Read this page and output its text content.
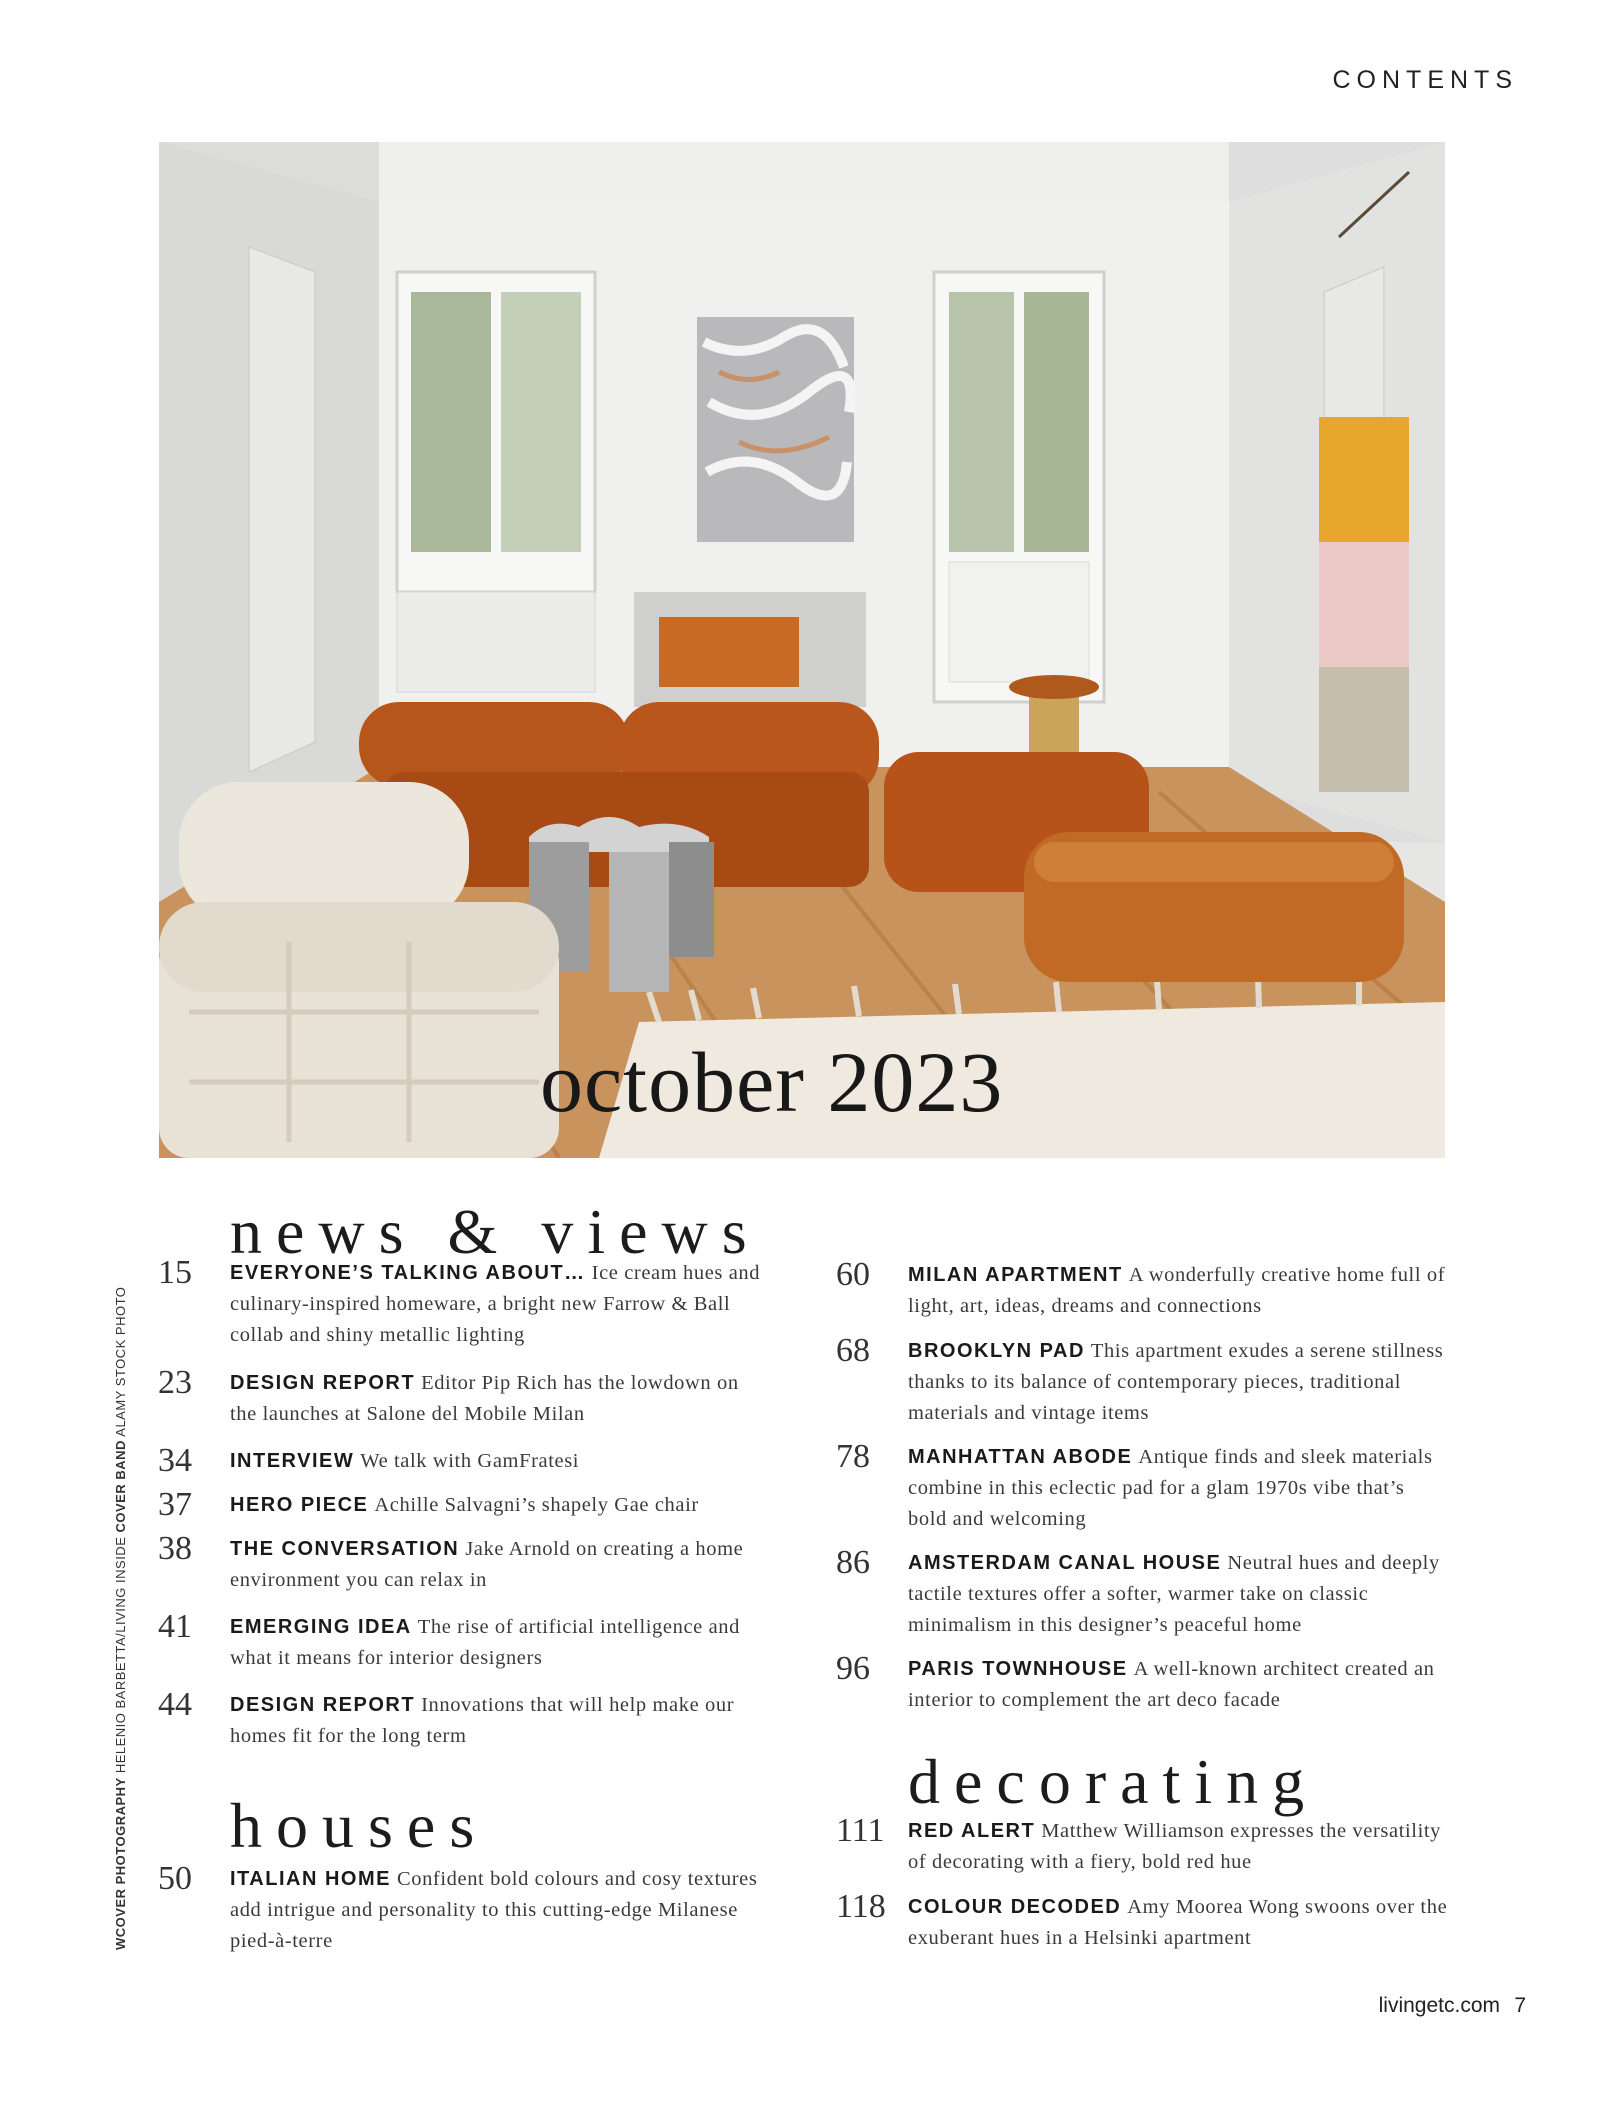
CONTENTS
october 2023
WCOVER PHOTOGRAPHY HELENIO BARBETTA/LIVING INSIDE COVER BAND ALAMY STOCK PHOTO
news & views
15	EVERYONE’S TALKING ABOUT… Ice cream hues and culinary-inspired homeware, a bright new Farrow & Ball collab and shiny metallic lighting
23	DESIGN REPORT Editor Pip Rich has the lowdown on the launches at Salone del Mobile Milan
34	INTERVIEW We talk with GamFratesi
37	HERO PIECE Achille Salvagni’s shapely Gae chair
38	THE CONVERSATION Jake Arnold on creating a home environment you can relax in
41	EMERGING IDEA The rise of artificial intelligence and what it means for interior designers
44	DESIGN REPORT Innovations that will help make our homes fit for the long term
houses
50	ITALIAN HOME Confident bold colours and cosy textures add intrigue and personality to this cutting-edge Milanese pied-à-terre
60	MILAN APARTMENT A wonderfully creative home full of light, art, ideas, dreams and connections
68	BROOKLYN PAD This apartment exudes a serene stillness thanks to its balance of contemporary pieces, traditional materials and vintage items
78	MANHATTAN ABODE Antique finds and sleek materials combine in this eclectic pad for a glam 1970s vibe that’s bold and welcoming
86	AMSTERDAM CANAL HOUSE Neutral hues and deeply tactile textures offer a softer, warmer take on classic minimalism in this designer’s peaceful home
96	PARIS TOWNHOUSE A well-known architect created an interior to complement the art deco facade
decorating
111	RED ALERT Matthew Williamson expresses the versatility of decorating with a fiery, bold red hue
118	COLOUR DECODED Amy Moorea Wong swoons over the exuberant hues in a Helsinki apartment
livingetc.com 7
